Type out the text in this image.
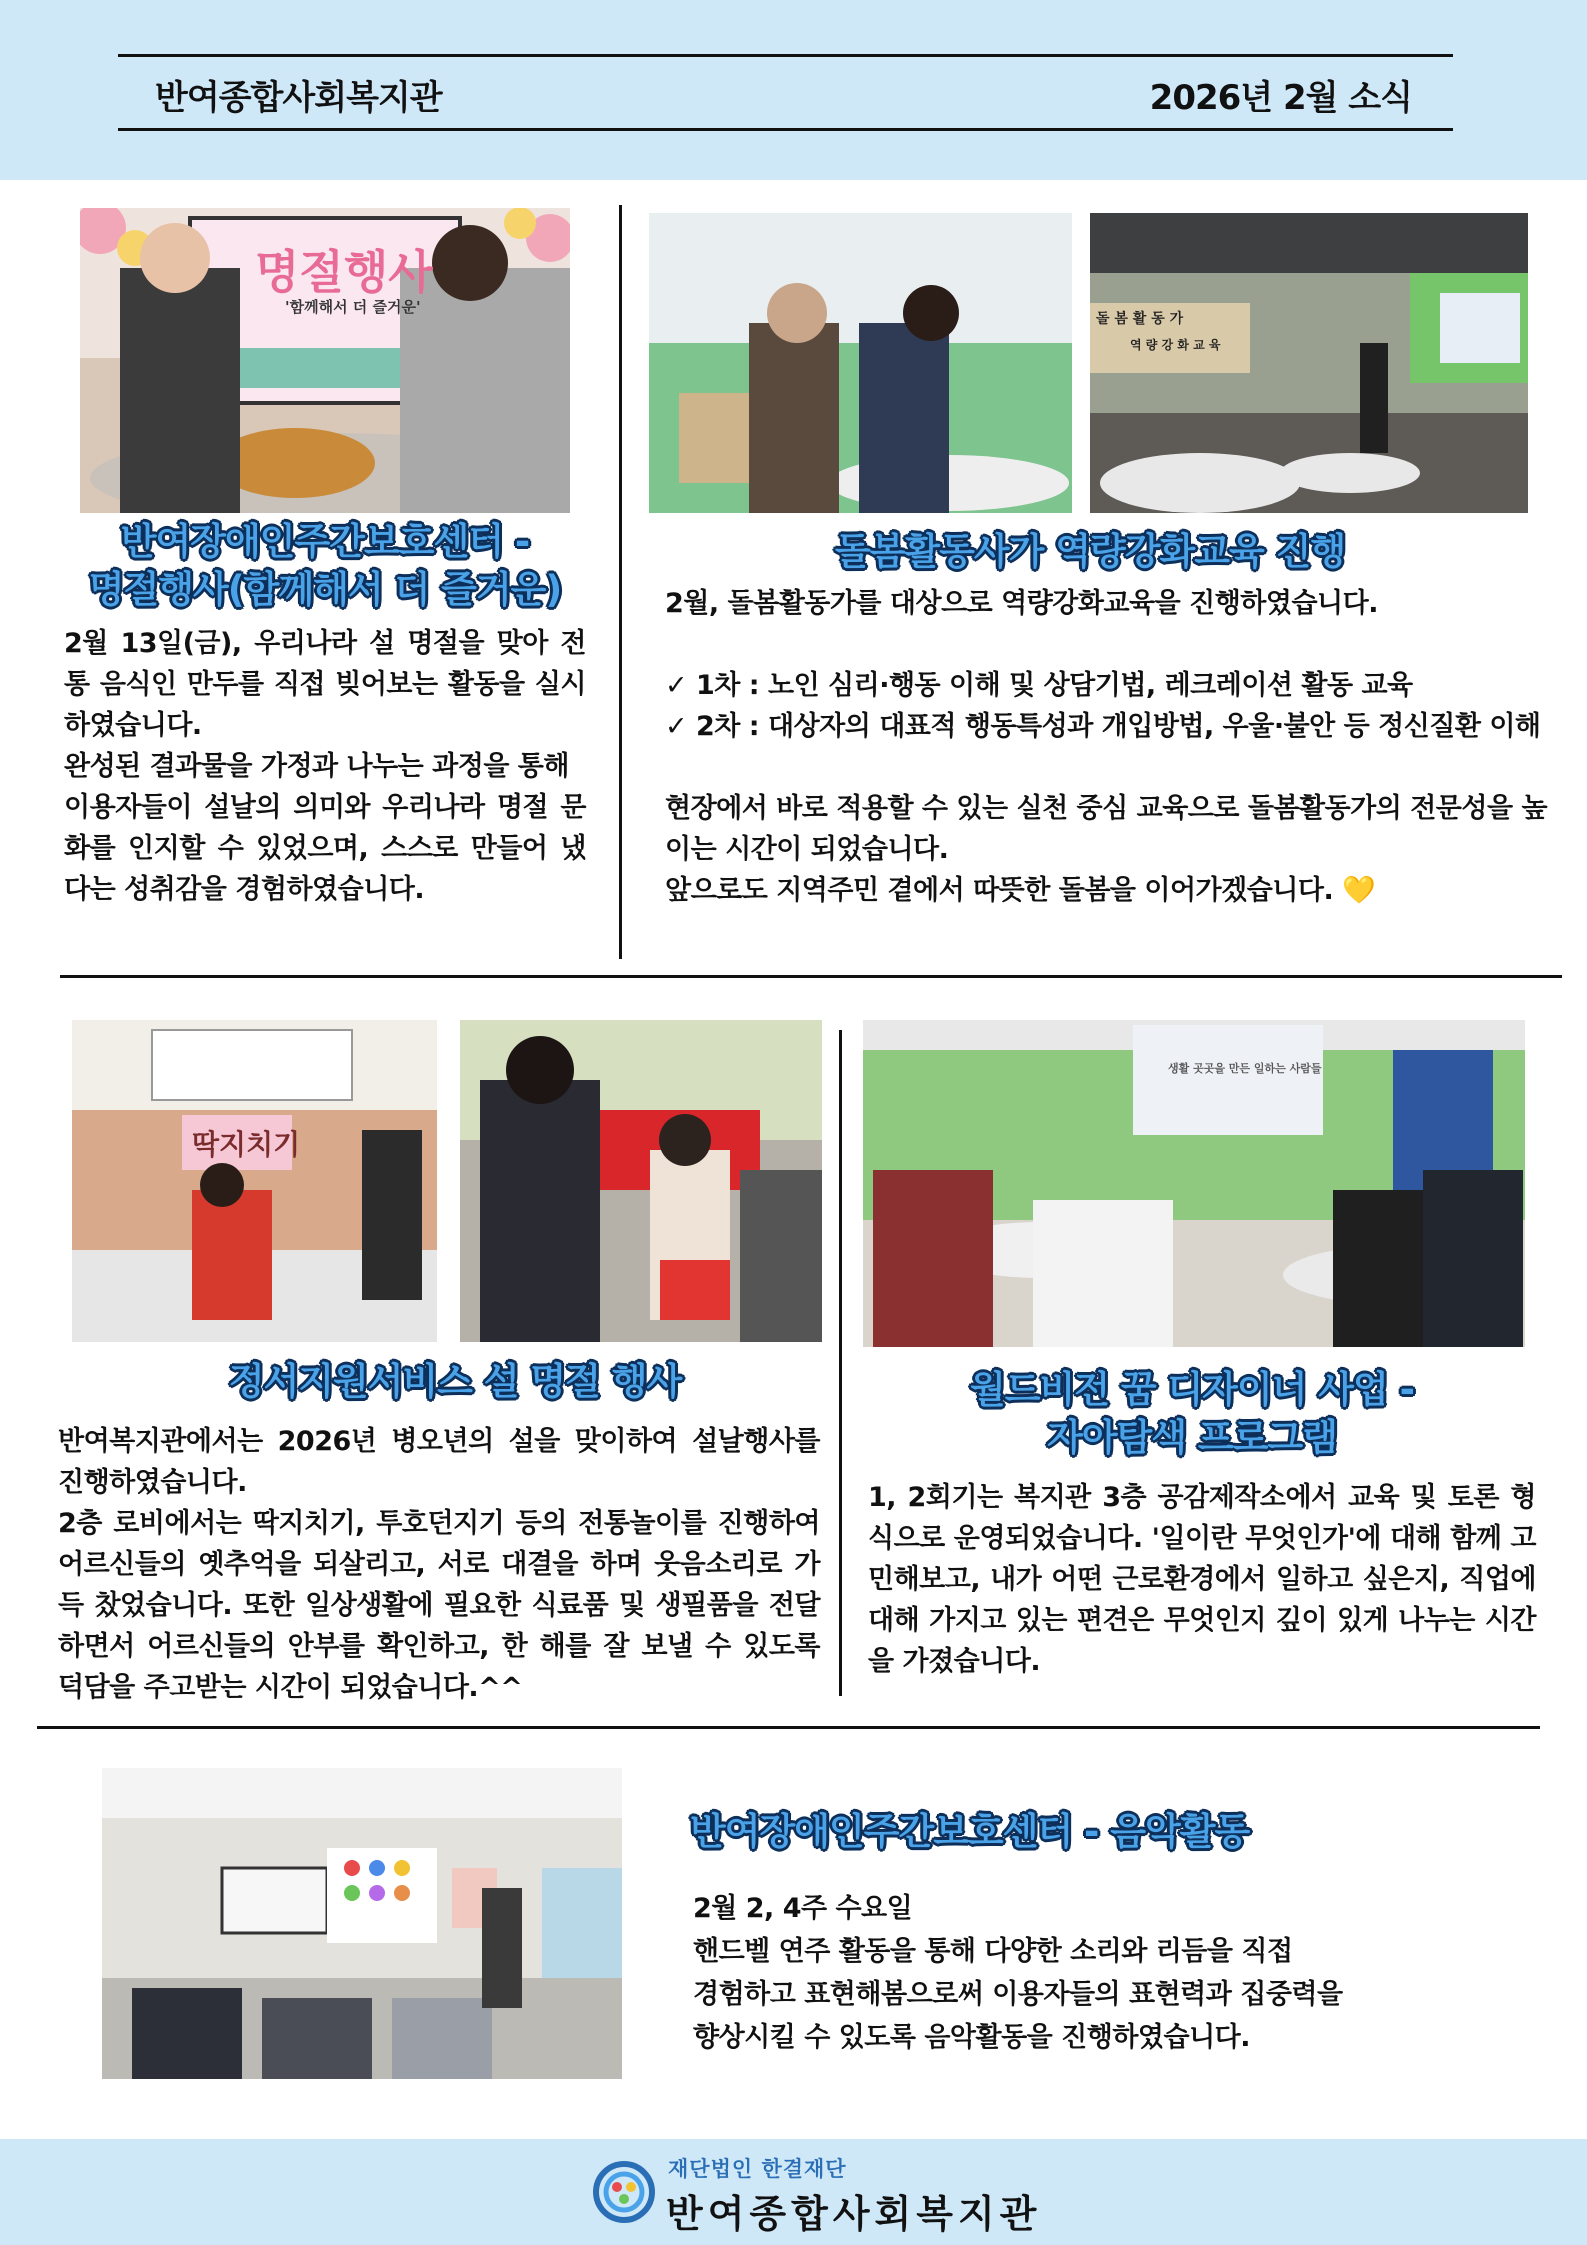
반여종합사회복지관	2026년 2월 소식
명절행사
'함께해서 더 즐거운'
반여장애인주간보호센터 -
명절행사(함께해서 더 즐거운)
2월 13일(금), 우리나라 설 명절을 맞아 전통 음식인 만두를 직접 빚어보는 활동을 실시하였습니다.
완성된 결과물을 가정과 나누는 과정을 통해
이용자들이 설날의 의미와 우리나라 명절 문화를 인지할 수 있었으며, 스스로 만들어 냈다는 성취감을 경험하였습니다.
돌 봄 활 동 가
역 량 강 화 교 육
돌봄활동사가 역량강화교육 진행
2월, 돌봄활동가를 대상으로 역량강화교육을 진행하였습니다.
✓ 1차 : 노인 심리·행동 이해 및 상담기법, 레크레이션 활동 교육
✓ 2차 : 대상자의 대표적 행동특성과 개입방법, 우울·불안 등 정신질환 이해
현장에서 바로 적용할 수 있는 실천 중심 교육으로 돌봄활동가의 전문성을 높이는 시간이 되었습니다.
앞으로도 지역주민 곁에서 따뜻한 돌봄을 이어가겠습니다. 💛
딱지치기
정서지원서비스 설 명절 행사
반여복지관에서는 2026년 병오년의 설을 맞이하여 설날행사를 진행하였습니다.
2층 로비에서는 딱지치기, 투호던지기 등의 전통놀이를 진행하여 어르신들의 옛추억을 되살리고, 서로 대결을 하며 웃음소리로 가득 찼었습니다. 또한 일상생활에 필요한 식료품 및 생필품을 전달하면서 어르신들의 안부를 확인하고, 한 해를 잘 보낼 수 있도록 덕담을 주고받는 시간이 되었습니다.^^
생활 곳곳을 만든 일하는 사람들
월드비전 꿈 디자이너 사업 -
자아탐색 프로그램
1, 2회기는 복지관 3층 공감제작소에서 교육 및 토론 형식으로 운영되었습니다. '일이란 무엇인가'에 대해 함께 고민해보고, 내가 어떤 근로환경에서 일하고 싶은지, 직업에 대해 가지고 있는 편견은 무엇인지 깊이 있게 나누는 시간을 가졌습니다.
반여장애인주간보호센터 - 음악활동
2월 2, 4주 수요일
핸드벨 연주 활동을 통해 다양한 소리와 리듬을 직접
경험하고 표현해봄으로써 이용자들의 표현력과 집중력을
향상시킬 수 있도록 음악활동을 진행하였습니다.
재단법인 한결재단
반여종합사회복지관
